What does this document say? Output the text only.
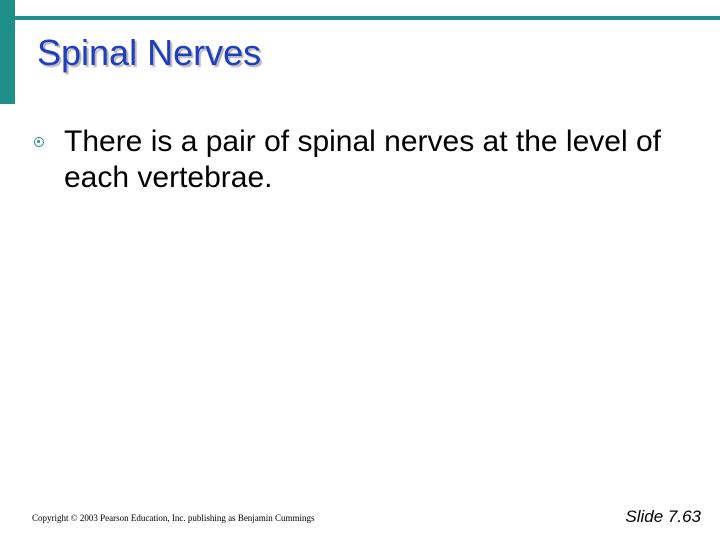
Spinal Nerves
There is a pair of spinal nerves at the level of each vertebrae.
Copyright © 2003 Pearson Education, Inc. publishing as Benjamin Cummings	Slide 7.63
